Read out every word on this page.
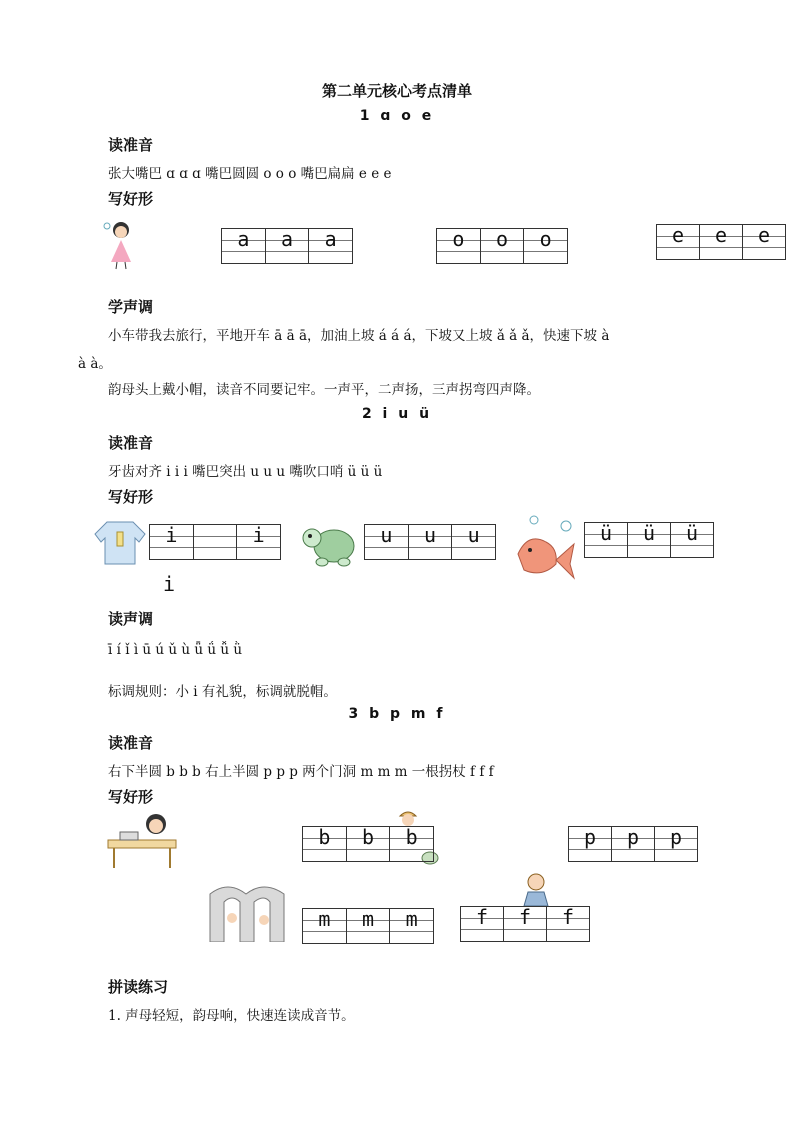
第二单元核心考点清单
1 ɑ o e
读准音
张大嘴巴 ɑ ɑ ɑ 嘴巴圆圆 o o o 嘴巴扁扁 e e e
写好形
a	a	a	o	o	o	e	e	e
学声调
小车带我去旅行，平地开车 ā ā ā，加油上坡 á á á，下坡又上坡 ǎ ǎ ǎ，快速下坡 à
à à。
韵母头上戴小帽，读音不同要记牢。一声平，二声扬，三声拐弯四声降。
2 i u ü
读准音
牙齿对齐 i i i 嘴巴突出 u u u 嘴吹口哨 ü ü ü
写好形
i	i
i
u	u	u	ü	ü	ü
读声调
ī í ǐ ì ū ú ǔ ù ǖ ǘ ǚ ǜ
标调规则：小 i 有礼貌，标调就脱帽。
3 b p m f
读准音
右下半圆 b b b 右上半圆 p p p 两个门洞 m m m 一根拐杖 f f f
写好形
b	b	b	p	p	p
m	m	m	f	f	f
拼读练习
1. 声母轻短，韵母响，快速连读成音节。
